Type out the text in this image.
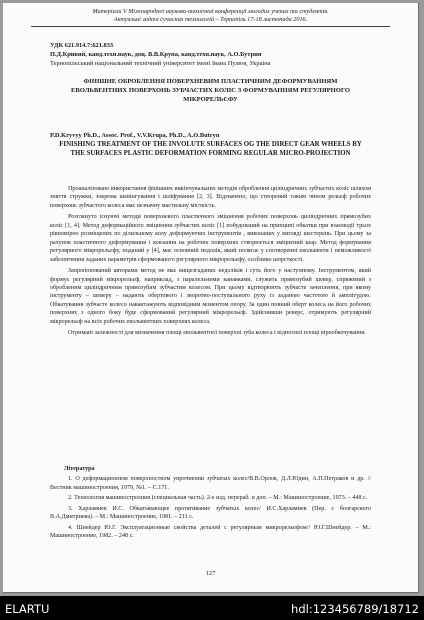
Матеріали V Міжнародної науково-технічної конференції молодих учених та студентів.
Актуальні задачі сучасних технологій – Тернопіль 17-18 листопада 2016.
УДК 621.914.7:621.833
П.Д.Кривий, канд.техн.наук, доц. В.В.Крупа, канд.техн.наук, А.О.Бутрин
Тернопільський національний технічний університет імені Івана Пулюя, Україна
ФІНІШНЕ ОБРОБЛЕННЯ ПОВЕРХНЕВИМ ПЛАСТИЧНИМ ДЕФОРМУВАННЯМ ЕВОЛЬВЕНТНИХ ПОВЕРХОНЬ ЗУБЧАСТИХ КОЛІС З ФОРМУВАННЯМ РЕГУЛЯРНОГО МІКРОРЕЛЬЄФУ
P.D.Kryvyy Ph.D., Assoc. Prof., V.V.Krupa, Ph.D., A.O.Butryn
FINISHING TREATMENT OF THE INVOLUTE SURFACES OG THE DIRECT GEAR WHEELS BY THE SURFACES PLASTIC DEFORMATION FORMING REGULAR MICRO-PROJECTION

Проаналізовано використання фінішних викінчувальних методів оброблення циліндричних зубчастих коліс шляхом зняття стружки, зокрема шевінгування і шліфування [2, 3]. Відзначено, що створений таким чином рельєф робочих поверхонь зубчастого колеса має незначну мастильну місткість.

Розглянуто існуючі методи поверхневого пластичного зміцнення робочих поверхонь циліндричних прямозубих коліс [1, 4]. Метод деформаційного зміцнення зубчастих коліс [1] побудований на принципі обкатки при взаємодії трьох рівномірно розміщених по ділильному колу деформуючих інструментів , виконаних у вигляді шестерень. При цьому за рахунок пластичного деформування і ковзання на робочих поверхнях створюється зміцнений шар. Метод формування регулярного мікрорельєфу, поданий у [4], має основний недолік, який полягає у спотворенні евольвенти і неможливості забезпечення заданих параметрів сформованого регулярного мікрорельєфу, особливо шорсткості.

Запропонований авторами метод не має вищезгаданих недоліків і суть його у наступному. Інструментом, який формує регулярний мікрорельєф, наприклад, з паралельними канавками, служить прямозубий шевер, спряжений з обробленим циліндричним прямозубим зубчастим колесом. При цьому відтворюють зубчасте зачеплення, при якому інструменту – шеверу – надають обертового і зворотно-поступального руху із заданою частотою й амплітудою. Обкатування зубчасте колесо навантажують відповідним моментом опору. За один повний оберт колеса на його робочих поверхнях з одного боку буде сформований регулярний мікрорельєф. Здійснивши реверс, отримують регулярний мікрорельєф на всіх робочих евольвентних поверхнях колеса.

Отримані залежності для визначення площі евольвентної поверхні зуба колеса і відносної площі вірообкочування.

Література
1. О деформационном поверхностном упрочнении зубчатых колес/В.В.Орлов, Д.Л.Юдин, А.П.Петраков и др. // Вестник машиностроения, 1979, №1. – С.171.
2. Технология машиностроения (специальная часть). 2-е изд. перераб. и доп. – М.: Машиностроение, 1973. – 448 с.
3. Харламиев И.С. Обкатывающее протягивание зубчатых колес/ И.С.Харламиев (Пер. с болгарского В.А.Дмитриева). – М.: Машиностроение, 1981. – 211 с.
4. Шнейдер Ю.Г. Эксплуатационные свойства деталей с регулярным микрорельефом// Ю.Г.Шнейдер. – М.: Машиностроение, 1982. – 248 с.
127
ELARTU	hdl:123456789/18712
